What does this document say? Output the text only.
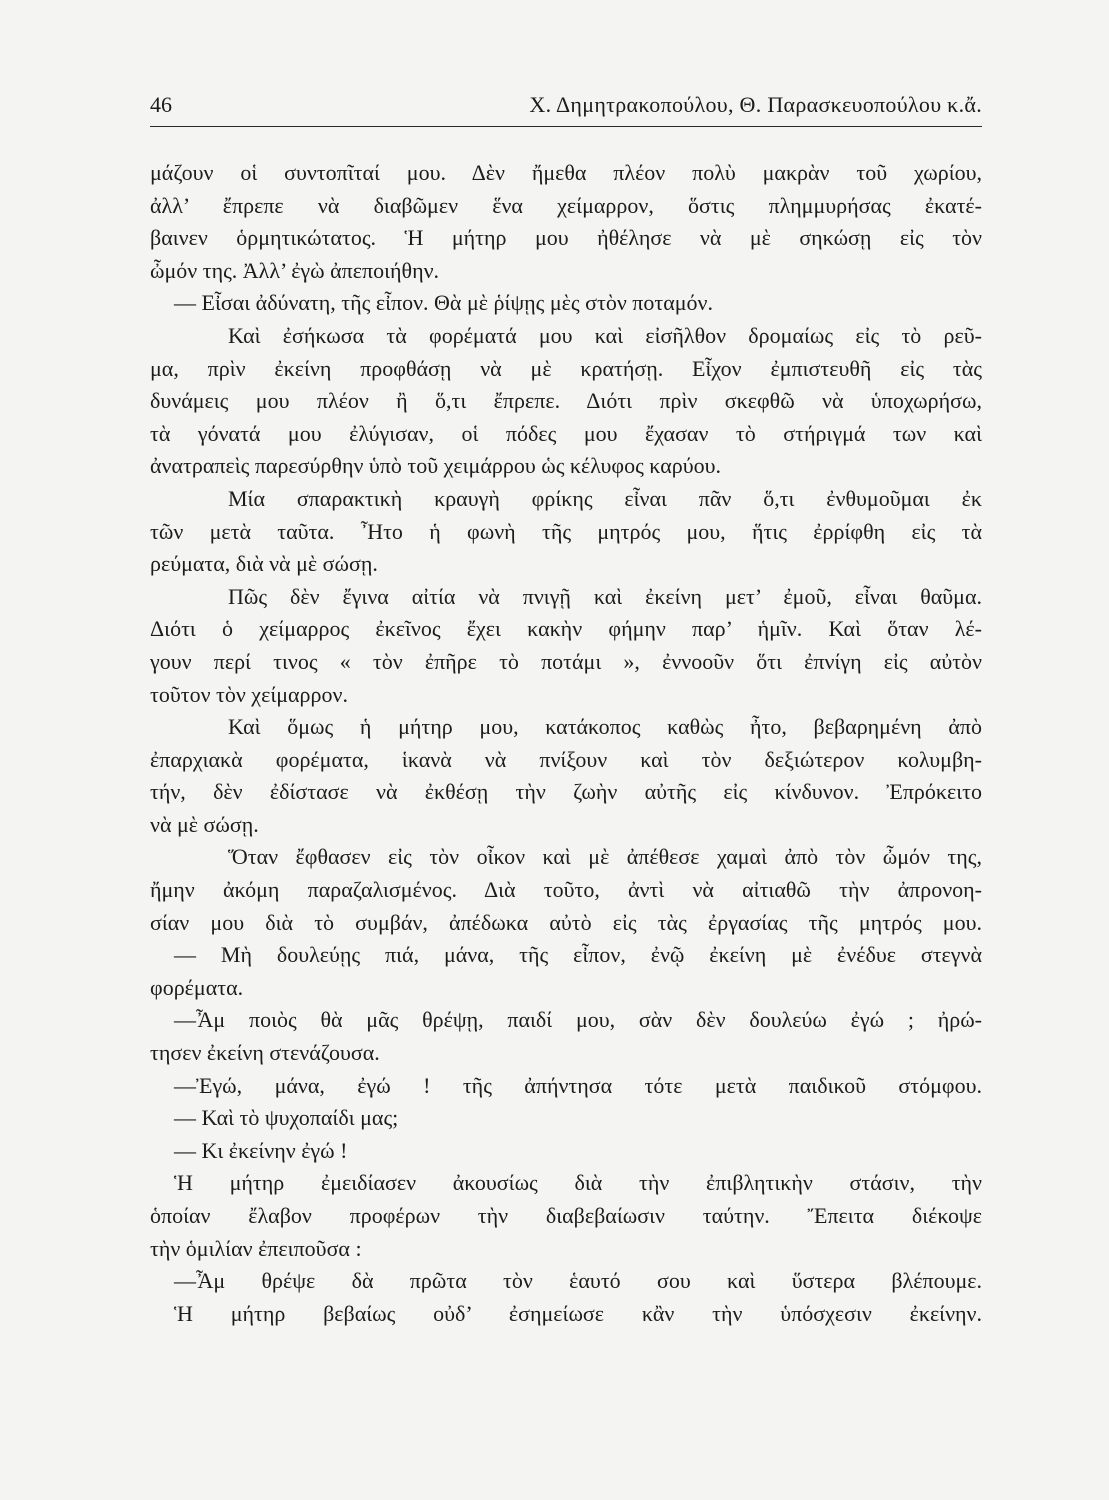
46	Χ. Δημητρακοπούλου, Θ. Παρασκευοπούλου κ.ἄ.
μάζουν οἱ συντοπῖταί μου. Δὲν ἤμεθα πλέον πολὺ μακρὰν τοῦ χωρίου,
ἀλλ’ ἔπρεπε νὰ διαβῶμεν ἕνα χείμαρρον, ὅστις πλημμυρήσας ἐκατέ-
βαινεν ὁρμητικώτατος. Ἡ μήτηρ μου ἠθέλησε νὰ μὲ σηκώσῃ εἰς τὸν
ὦμόν της. Ἀλλ’ ἐγὼ ἀπεποιήθην.
— Εἶσαι ἀδύνατη, τῆς εἶπον. Θὰ μὲ ῥίψῃς μὲς στὸν ποταμόν.
Καὶ ἐσήκωσα τὰ φορέματά μου καὶ εἰσῆλθον δρομαίως εἰς τὸ ρεῦ-
μα, πρὶν ἐκείνη προφθάσῃ νὰ μὲ κρατήσῃ. Εἶχον ἐμπιστευθῆ εἰς τὰς
δυνάμεις μου πλέον ἢ ὅ,τι ἔπρεπε. Διότι πρὶν σκεφθῶ νὰ ὑποχωρήσω,
τὰ γόνατά μου ἐλύγισαν, οἱ πόδες μου ἔχασαν τὸ στήριγμά των καὶ
ἀνατραπεὶς παρεσύρθην ὑπὸ τοῦ χειμάρρου ὡς κέλυφος καρύου.
Μία σπαρακτικὴ κραυγὴ φρίκης εἶναι πᾶν ὅ,τι ἐνθυμοῦμαι ἐκ
τῶν μετὰ ταῦτα. Ἦτο ἡ φωνὴ τῆς μητρός μου, ἥτις ἐρρίφθη εἰς τὰ
ρεύματα, διὰ νὰ μὲ σώσῃ.
Πῶς δὲν ἔγινα αἰτία νὰ πνιγῇ καὶ ἐκείνη μετ’ ἐμοῦ, εἶναι θαῦμα.
Διότι ὁ χείμαρρος ἐκεῖνος ἔχει κακὴν φήμην παρ’ ἡμῖν. Καὶ ὅταν λέ-
γουν περί τινος « τὸν ἐπῆρε τὸ ποτάμι », ἐννοοῦν ὅτι ἐπνίγη εἰς αὐτὸν
τοῦτον τὸν χείμαρρον.
Καὶ ὅμως ἡ μήτηρ μου, κατάκοπος καθὼς ἦτο, βεβαρημένη ἀπὸ
ἐπαρχιακὰ φορέματα, ἱκανὰ νὰ πνίξουν καὶ τὸν δεξιώτερον κολυμβη-
τήν, δὲν ἐδίστασε νὰ ἐκθέσῃ τὴν ζωὴν αὐτῆς εἰς κίνδυνον. Ἐπρόκειτο
νὰ μὲ σώσῃ.
Ὅταν ἔφθασεν εἰς τὸν οἶκον καὶ μὲ ἀπέθεσε χαμαὶ ἀπὸ τὸν ὦμόν της,
ἤμην ἀκόμη παραζαλισμένος. Διὰ τοῦτο, ἀντὶ νὰ αἰτιαθῶ τὴν ἀπρονοη-
σίαν μου διὰ τὸ συμβάν, ἀπέδωκα αὐτὸ εἰς τὰς ἐργασίας τῆς μητρός μου.
— Μὴ δουλεύῃς πιά, μάνα, τῆς εἶπον, ἐνῷ ἐκείνη μὲ ἐνέδυε στεγνὰ
φορέματα.
—Ἆμ ποιὸς θὰ μᾶς θρέψῃ, παιδί μου, σὰν δὲν δουλεύω ἐγώ ; ἠρώ-
τησεν ἐκείνη στενάζουσα.
—Ἐγώ, μάνα, ἐγώ ! τῆς ἀπήντησα τότε μετὰ παιδικοῦ στόμφου.
— Καὶ τὸ ψυχοπαίδι μας;
— Κι ἐκείνην ἐγώ !
Ἡ μήτηρ ἐμειδίασεν ἀκουσίως διὰ τὴν ἐπιβλητικὴν στάσιν, τὴν
ὁποίαν ἔλαβον προφέρων τὴν διαβεβαίωσιν ταύτην. Ἔπειτα διέκοψε
τὴν ὁμιλίαν ἐπειποῦσα :
—Ἆμ θρέψε δὰ πρῶτα τὸν ἑαυτό σου καὶ ὕστερα βλέπουμε.
Ἡ μήτηρ βεβαίως οὐδ’ ἐσημείωσε κἂν τὴν ὑπόσχεσιν ἐκείνην.
